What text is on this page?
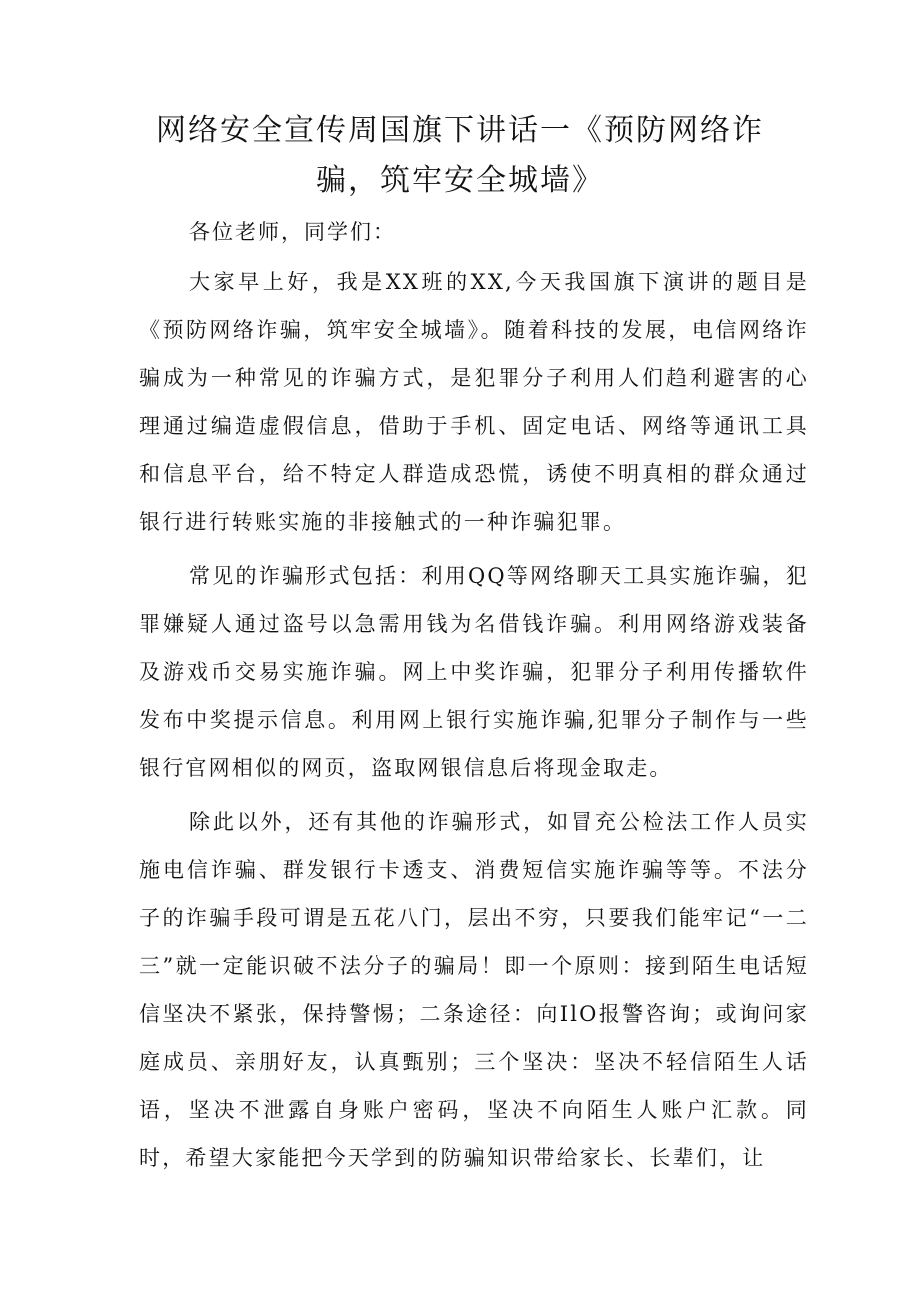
网络安全宣传周国旗下讲话一《预防网络诈
骗，筑牢安全城墙》

各位老师，同学们：

大家早上好，我是XX班的XX,今天我国旗下演讲的题目是《预防网络诈骗，筑牢安全城墙》。随着科技的发展，电信网络诈骗成为一种常见的诈骗方式，是犯罪分子利用人们趋利避害的心理通过编造虚假信息，借助于手机、固定电话、网络等通讯工具和信息平台，给不特定人群造成恐慌，诱使不明真相的群众通过银行进行转账实施的非接触式的一种诈骗犯罪。

常见的诈骗形式包括：利用QQ等网络聊天工具实施诈骗，犯罪嫌疑人通过盗号以急需用钱为名借钱诈骗。利用网络游戏装备及游戏币交易实施诈骗。网上中奖诈骗，犯罪分子利用传播软件发布中奖提示信息。利用网上银行实施诈骗,犯罪分子制作与一些银行官网相似的网页，盗取网银信息后将现金取走。

除此以外，还有其他的诈骗形式，如冒充公检法工作人员实施电信诈骗、群发银行卡透支、消费短信实施诈骗等等。不法分子的诈骗手段可谓是五花八门，层出不穷，只要我们能牢记“一二三”就一定能识破不法分子的骗局！即一个原则：接到陌生电话短信坚决不紧张，保持警惕；二条途径：向IlO报警咨询；或询问家庭成员、亲朋好友，认真甄别；三个坚决：坚决不轻信陌生人话语，坚决不泄露自身账户密码，坚决不向陌生人账户汇款。同时，希望大家能把今天学到的防骗知识带给家长、长辈们，让
